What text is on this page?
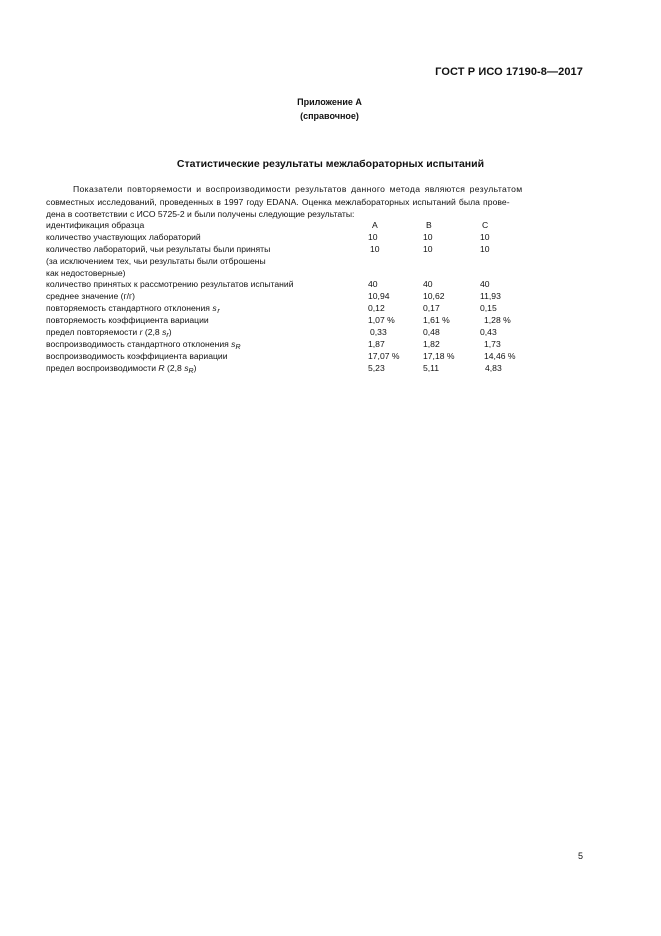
ГОСТ Р ИСО 17190-8—2017
Приложение А
(справочное)
Статистические результаты межлабораторных испытаний
Показатели повторяемости и воспроизводимости результатов данного метода являются результатом
совместных исследований, проведенных в 1997 году EDANA. Оценка межлабораторных испытаний была прове-
дена в соответствии с ИСО 5725-2 и были получены следующие результаты:
идентификация образца	А	В	С
количество участвующих лабораторий	10	10	10
количество лабораторий, чьи результаты были приняты	10	10	10
(за исключением тех, чьи результаты были отброшены
как недостоверные)
количество принятых к рассмотрению результатов испытаний	40	40	40
среднее значение (г/г)	10,94	10,62	11,93
повторяемость стандартного отклонения s $_r$	0,12	0,17	0,15
повторяемость коэффициента вариации	1,07 %	1,61 %	1,28 %
предел повторяемости r (2,8 $s_r$)	0,33	0,48	0,43
воспроизводимость стандартного отклонения $s_R$	1,87	1,82	1,73
воспроизводимость коэффициента вариации	17,07 %	17,18 %	14,46 %
предел воспроизводимости R (2,8 $s_R$)	5,23	5,11	4,83
5
